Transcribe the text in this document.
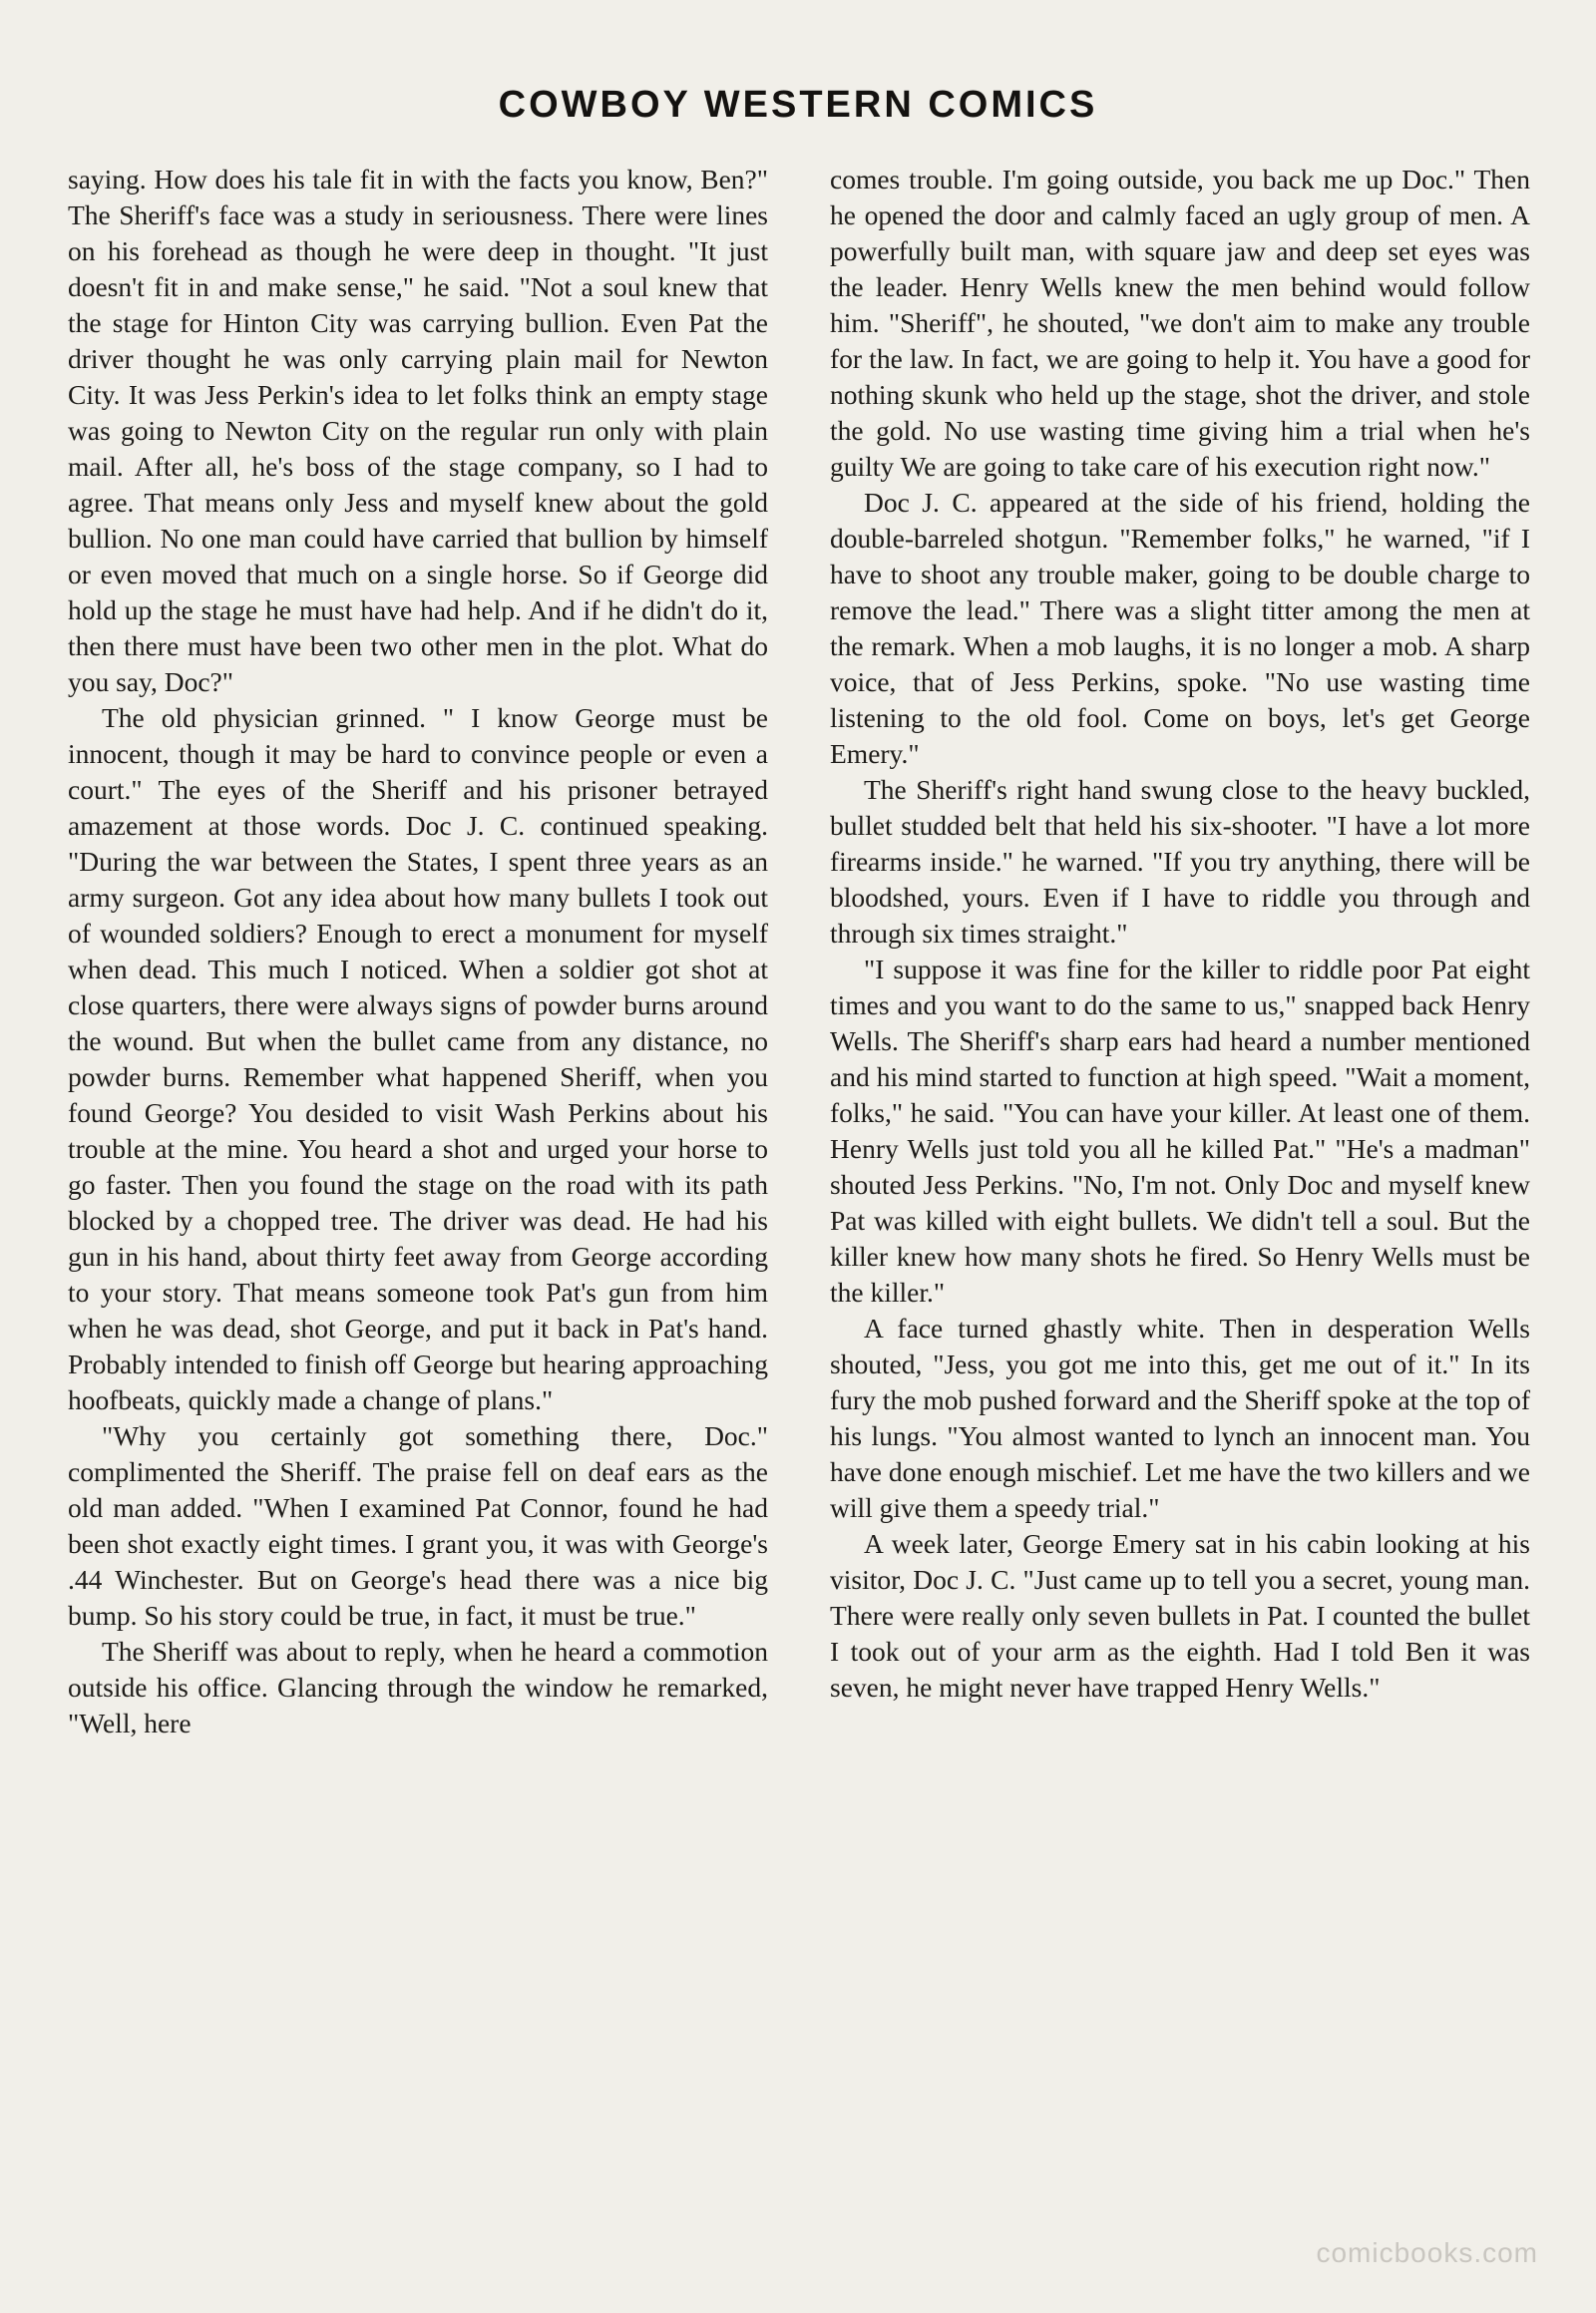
COWBOY WESTERN COMICS

saying. How does his tale fit in with the facts you know, Ben?" The Sheriff's face was a study in seriousness. There were lines on his forehead as though he were deep in thought. "It just doesn't fit in and make sense," he said. "Not a soul knew that the stage for Hinton City was carrying bullion. Even Pat the driver thought he was only carrying plain mail for Newton City. It was Jess Perkin's idea to let folks think an empty stage was going to Newton City on the regular run only with plain mail. After all, he's boss of the stage company, so I had to agree. That means only Jess and myself knew about the gold bullion. No one man could have carried that bullion by himself or even moved that much on a single horse. So if George did hold up the stage he must have had help. And if he didn't do it, then there must have been two other men in the plot. What do you say, Doc?"

The old physician grinned. " I know George must be innocent, though it may be hard to convince people or even a court." The eyes of the Sheriff and his prisoner betrayed amazement at those words. Doc J. C. continued speaking. "During the war between the States, I spent three years as an army surgeon. Got any idea about how many bullets I took out of wounded soldiers? Enough to erect a monument for myself when dead. This much I noticed. When a soldier got shot at close quarters, there were always signs of powder burns around the wound. But when the bullet came from any distance, no powder burns. Remember what happened Sheriff, when you found George? You desided to visit Wash Perkins about his trouble at the mine. You heard a shot and urged your horse to go faster. Then you found the stage on the road with its path blocked by a chopped tree. The driver was dead. He had his gun in his hand, about thirty feet away from George according to your story. That means someone took Pat's gun from him when he was dead, shot George, and put it back in Pat's hand. Probably intended to finish off George but hearing approaching hoofbeats, quickly made a change of plans."

"Why you certainly got something there, Doc." complimented the Sheriff. The praise fell on deaf ears as the old man added. "When I examined Pat Connor, found he had been shot exactly eight times. I grant you, it was with George's .44 Winchester. But on George's head there was a nice big bump. So his story could be true, in fact, it must be true."

The Sheriff was about to reply, when he heard a commotion outside his office. Glancing through the window he remarked, "Well, here

comes trouble. I'm going outside, you back me up Doc." Then he opened the door and calmly faced an ugly group of men. A powerfully built man, with square jaw and deep set eyes was the leader. Henry Wells knew the men behind would follow him. "Sheriff", he shouted, "we don't aim to make any trouble for the law. In fact, we are going to help it. You have a good for nothing skunk who held up the stage, shot the driver, and stole the gold. No use wasting time giving him a trial when he's guilty We are going to take care of his execution right now."

Doc J. C. appeared at the side of his friend, holding the double-barreled shotgun. "Remember folks," he warned, "if I have to shoot any trouble maker, going to be double charge to remove the lead." There was a slight titter among the men at the remark. When a mob laughs, it is no longer a mob. A sharp voice, that of Jess Perkins, spoke. "No use wasting time listening to the old fool. Come on boys, let's get George Emery."

The Sheriff's right hand swung close to the heavy buckled, bullet studded belt that held his six-shooter. "I have a lot more firearms inside." he warned. "If you try anything, there will be bloodshed, yours. Even if I have to riddle you through and through six times straight."

"I suppose it was fine for the killer to riddle poor Pat eight times and you want to do the same to us," snapped back Henry Wells. The Sheriff's sharp ears had heard a number mentioned and his mind started to function at high speed. "Wait a moment, folks," he said. "You can have your killer. At least one of them. Henry Wells just told you all he killed Pat." "He's a madman" shouted Jess Perkins. "No, I'm not. Only Doc and myself knew Pat was killed with eight bullets. We didn't tell a soul. But the killer knew how many shots he fired. So Henry Wells must be the killer."

A face turned ghastly white. Then in desperation Wells shouted, "Jess, you got me into this, get me out of it." In its fury the mob pushed forward and the Sheriff spoke at the top of his lungs. "You almost wanted to lynch an innocent man. You have done enough mischief. Let me have the two killers and we will give them a speedy trial."

A week later, George Emery sat in his cabin looking at his visitor, Doc J. C. "Just came up to tell you a secret, young man. There were really only seven bullets in Pat. I counted the bullet I took out of your arm as the eighth. Had I told Ben it was seven, he might never have trapped Henry Wells."

comicbooks.com
